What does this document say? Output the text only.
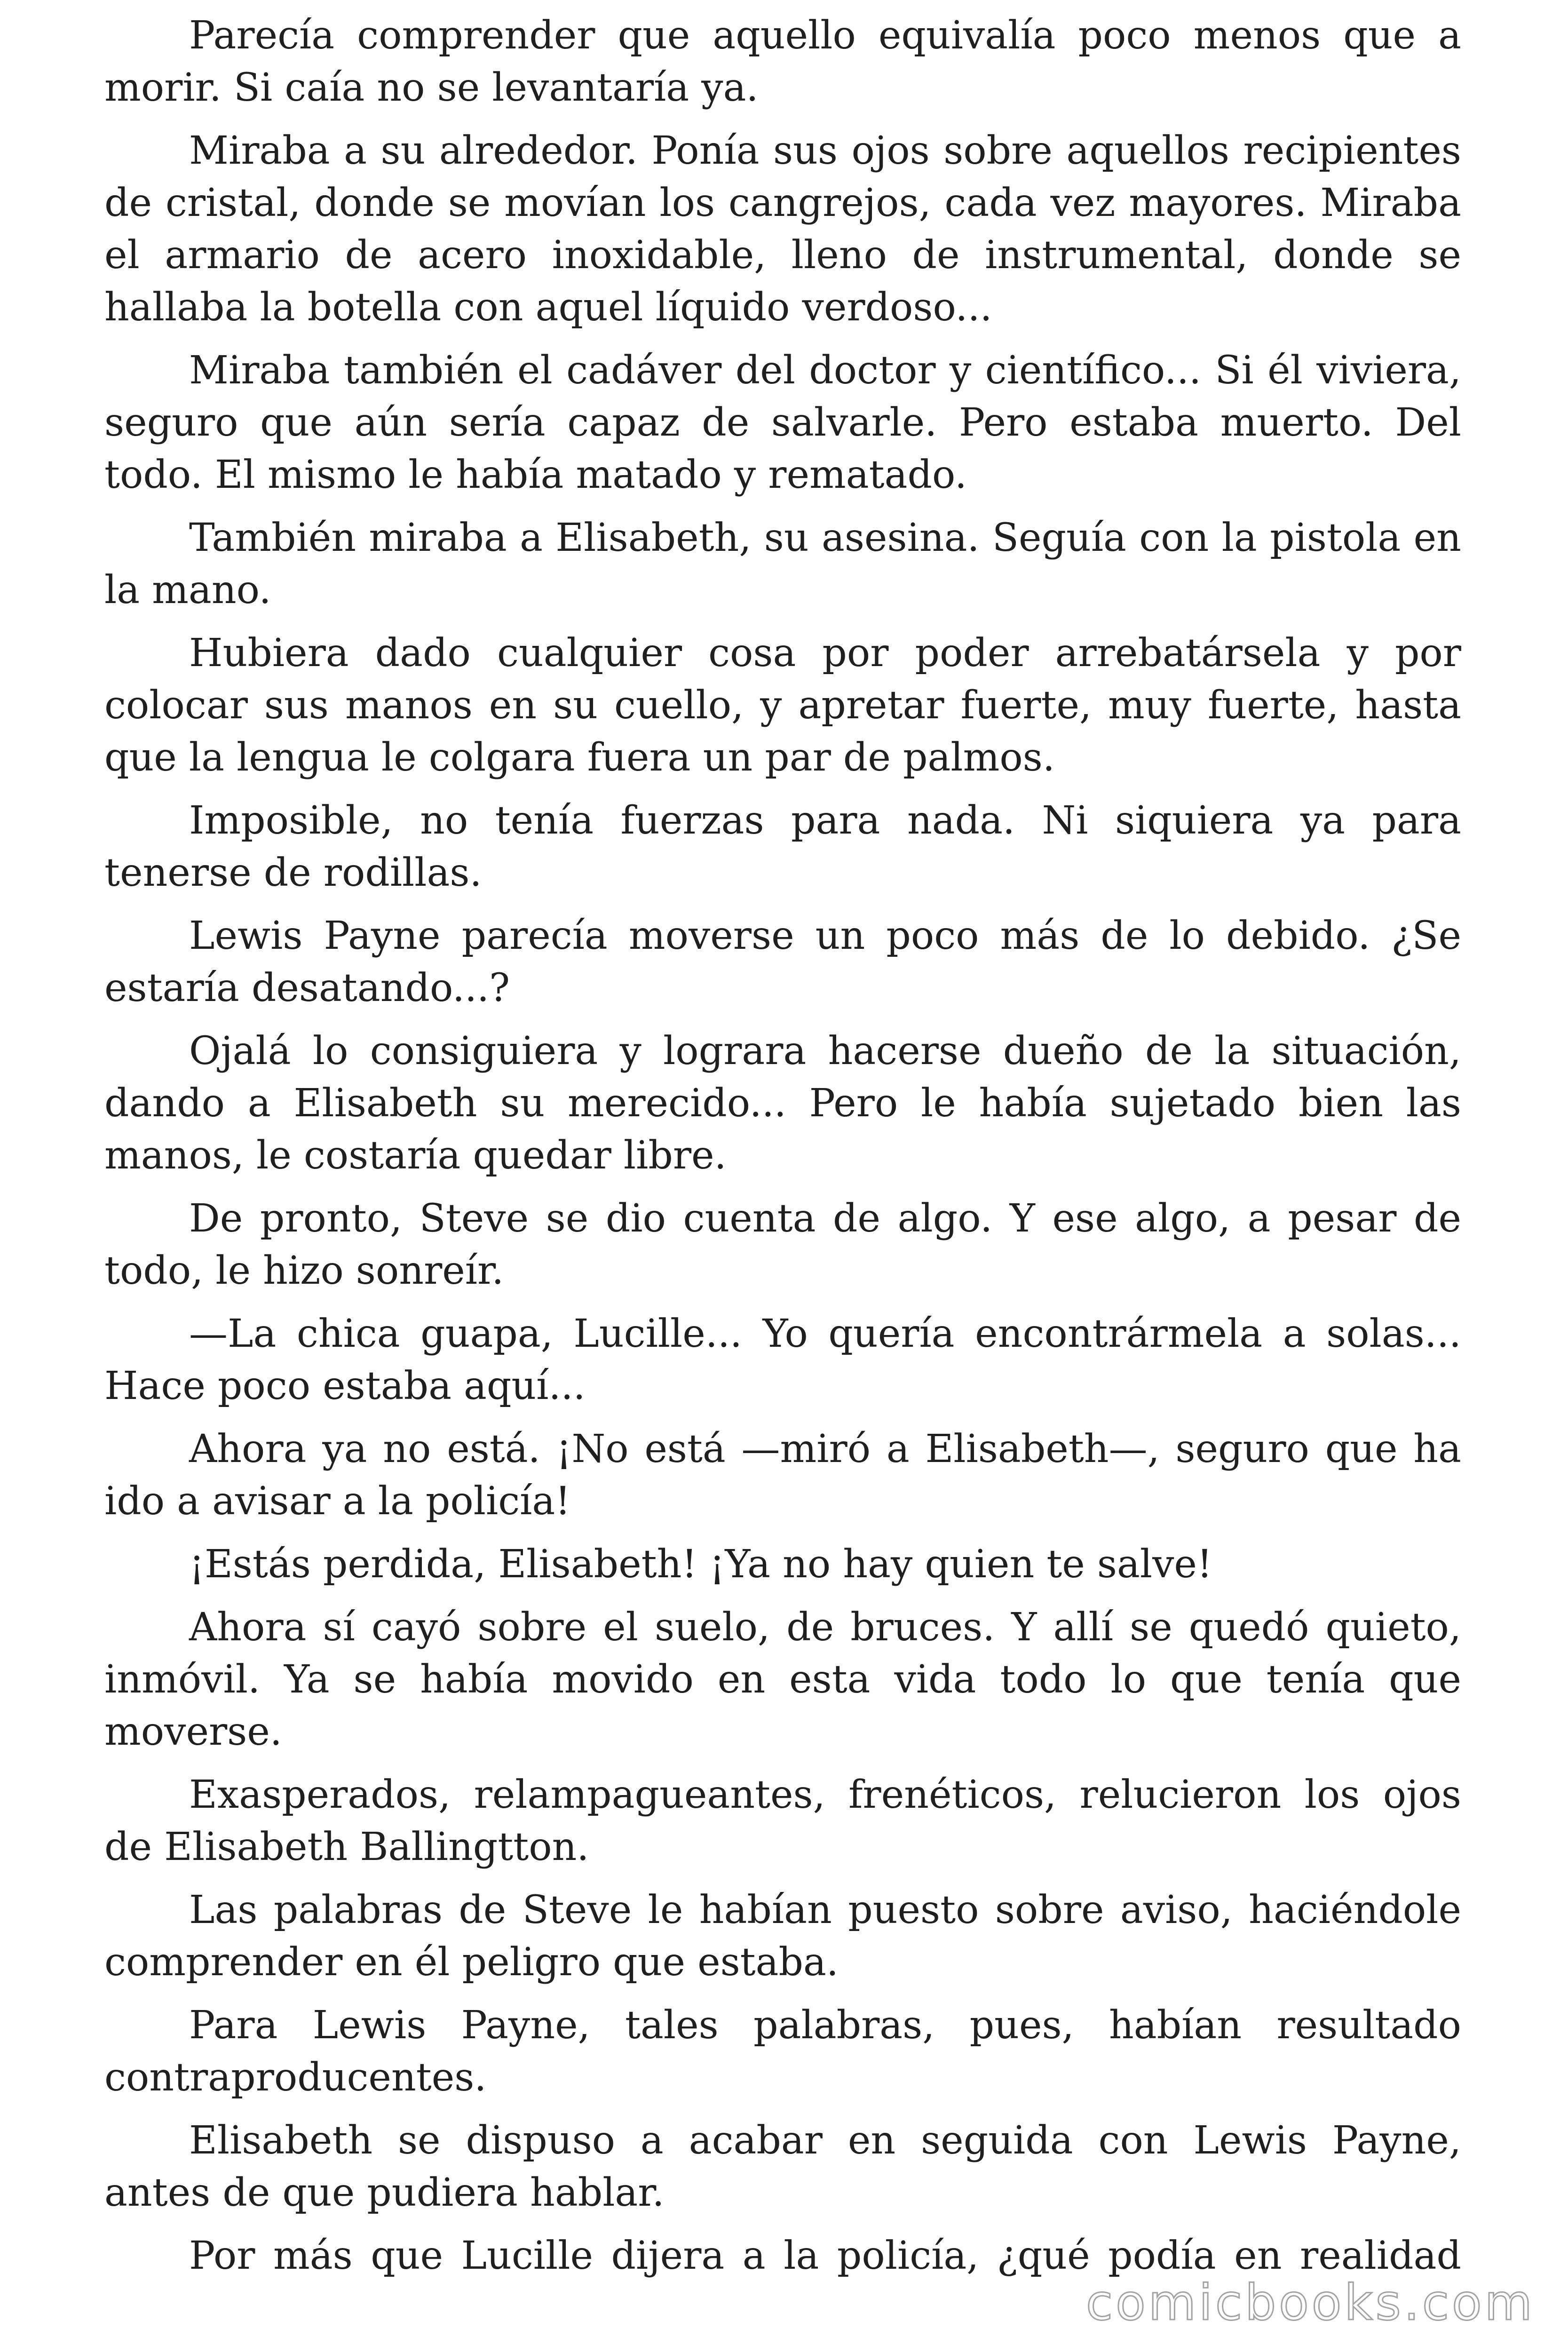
Parecía comprender que aquello equivalía poco menos que a morir. Si caía no se levantaría ya.

Miraba a su alrededor. Ponía sus ojos sobre aquellos recipientes de cristal, donde se movían los cangrejos, cada vez mayores. Miraba el armario de acero inoxidable, lleno de instrumental, donde se hallaba la botella con aquel líquido verdoso...

Miraba también el cadáver del doctor y científico... Si él viviera, seguro que aún sería capaz de salvarle. Pero estaba muerto. Del todo. El mismo le había matado y rematado.

También miraba a Elisabeth, su asesina. Seguía con la pistola en la mano.

Hubiera dado cualquier cosa por poder arrebatársela y por colocar sus manos en su cuello, y apretar fuerte, muy fuerte, hasta que la lengua le colgara fuera un par de palmos.

Imposible, no tenía fuerzas para nada. Ni siquiera ya para tenerse de rodillas.

Lewis Payne parecía moverse un poco más de lo debido. ¿Se estaría desatando...?

Ojalá lo consiguiera y lograra hacerse dueño de la situación, dando a Elisabeth su merecido... Pero le había sujetado bien las manos, le costaría quedar libre.

De pronto, Steve se dio cuenta de algo. Y ese algo, a pesar de todo, le hizo sonreír.

—La chica guapa, Lucille... Yo quería encontrármela a solas... Hace poco estaba aquí...

Ahora ya no está. ¡No está —miró a Elisabeth—, seguro que ha ido a avisar a la policía!

¡Estás perdida, Elisabeth! ¡Ya no hay quien te salve!

Ahora sí cayó sobre el suelo, de bruces. Y allí se quedó quieto, inmóvil. Ya se había movido en esta vida todo lo que tenía que moverse.

Exasperados, relampagueantes, frenéticos, relucieron los ojos de Elisabeth Ballingtton.

Las palabras de Steve le habían puesto sobre aviso, haciéndole comprender en él peligro que estaba.

Para Lewis Payne, tales palabras, pues, habían resultado contraproducentes.

Elisabeth se dispuso a acabar en seguida con Lewis Payne, antes de que pudiera hablar.

Por más que Lucille dijera a la policía, ¿qué podía en realidad

comicbooks.com
